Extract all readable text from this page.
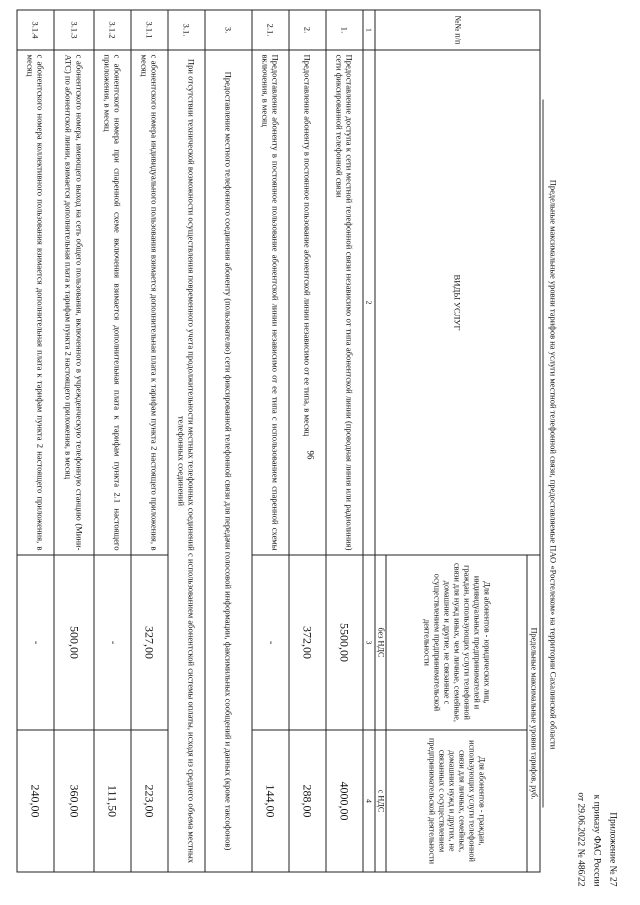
96
Приложение № 27
к приказу ФАС России
от 29.06.2022 № 486/22
Предельные максимальные уровни тарифов на услуги местной телефонной связи, предоставляемые ПАО «Ростелеком» на территории Сахалинской области
№№ п/п	ВИДЫ УСЛУГ	Предельные максимальные уровни тарифов, руб.	
		Для абонентов - юридических лиц, индивидуальных предпринимателей и граждан, использующих услуги телефонной связи для нужд иных, чем личные, семейные, домашние и другие, не связанные с осуществлением предпринимательской деятельности	Для абонентов - граждан, использующих услуги телефонной связи для личных, семейных, домашних нужд и других, не связанных с осуществлением предпринимательской деятельности
		без НДС	с НДС
1	2	3	4
1.	Предоставление доступа к сети местной телефонной связи независимо от типа абонентской линии (проводная линия или радиолиния) сети фиксированной телефонной связи	5500,00	4000,00
2.	Предоставление абоненту в постоянное пользование абонентской линии независимо от ее типа, в месяц	372,00	288,00
2.1.	Предоставление абоненту в постоянное пользование абонентской линии независимо от ее типа с использованием спаренной схемы включения, в месяц	-	144,00
3.	Предоставление местного телефонного соединения абоненту (пользователю) сети фиксированной телефонной связи для передачи голосовой информации, факсимильных сообщений и данных (кроме таксофонов)		
3.1.	При отсутствии технической возможности осуществления повременного учета продолжительности местных телефонных соединений с использованием абонентской системы оплаты, исходя из среднего объема местных телефонных соединений		
3.1.1	с абонентского номера индивидуального пользования взимается дополнительная плата к тарифам пункта 2 настоящего приложения, в месяц	327,00	223,00
3.1.2	с абонентского номера при спаренной схеме включения взимается дополнительная плата к тарифам пункта 2.1 настоящего приложения, в месяц	-	111,50
3.1.3	с абонентского номера, имеющего выход на сеть общего пользования, включенного в учрежденческую телефонную станцию (Мини-АТС) по абонентской линии, взимается дополнительная плата к тарифам пункта 2 настоящего приложения, в месяц	500,00	360,00
3.1.4	с абонентского номера коллективного пользования взимается дополнительная плата к тарифам пункта 2 настоящего приложения, в месяц	-	240,00
